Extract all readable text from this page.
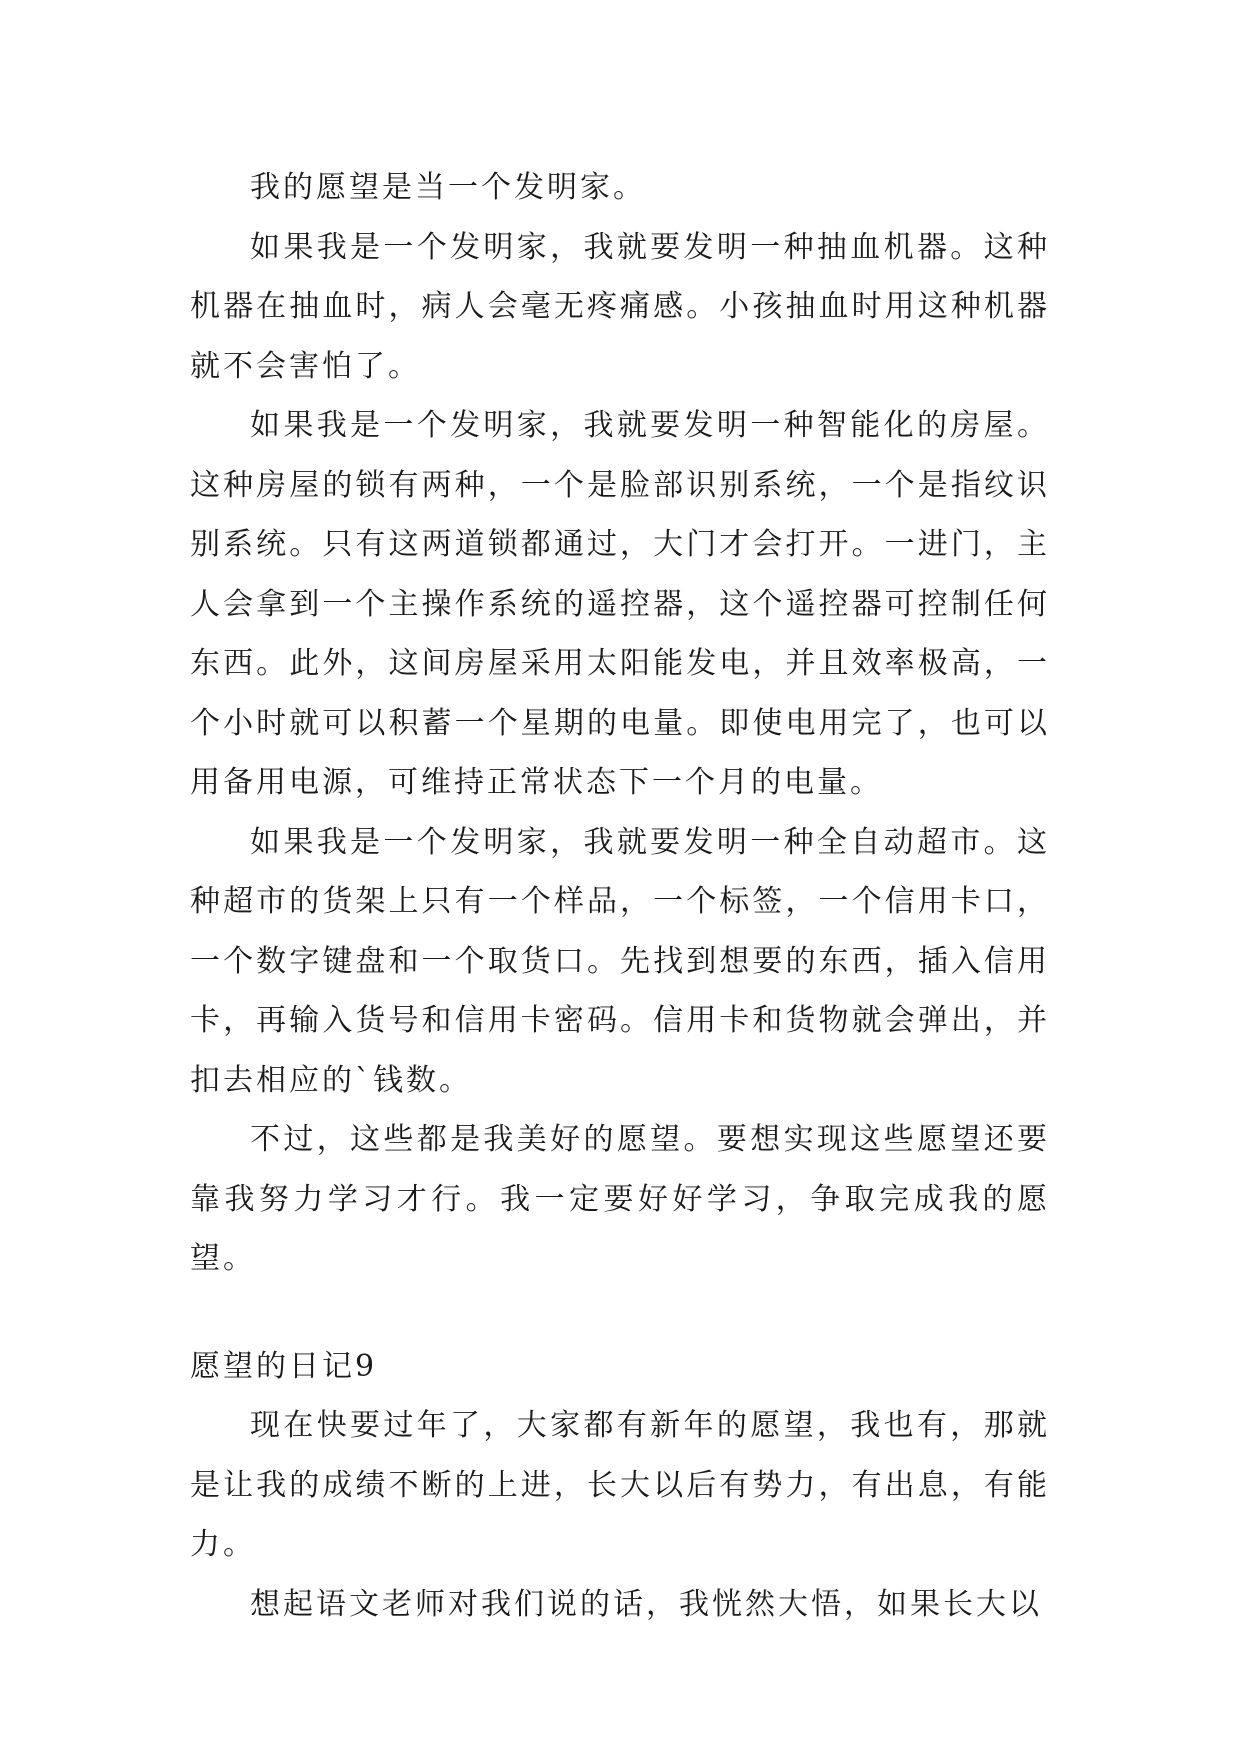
我的愿望是当一个发明家。

如果我是一个发明家，我就要发明一种抽血机器。这种机器在抽血时，病人会毫无疼痛感。小孩抽血时用这种机器就不会害怕了。

如果我是一个发明家，我就要发明一种智能化的房屋。这种房屋的锁有两种，一个是脸部识别系统，一个是指纹识别系统。只有这两道锁都通过，大门才会打开。一进门，主人会拿到一个主操作系统的遥控器，这个遥控器可控制任何东西。此外，这间房屋采用太阳能发电，并且效率极高，一个小时就可以积蓄一个星期的电量。即使电用完了，也可以用备用电源，可维持正常状态下一个月的电量。

如果我是一个发明家，我就要发明一种全自动超市。这种超市的货架上只有一个样品，一个标签，一个信用卡口，一个数字键盘和一个取货口。先找到想要的东西，插入信用卡，再输入货号和信用卡密码。信用卡和货物就会弹出，并扣去相应的`钱数。

不过，这些都是我美好的愿望。要想实现这些愿望还要靠我努力学习才行。我一定要好好学习，争取完成我的愿望。

愿望的日记9

现在快要过年了，大家都有新年的愿望，我也有，那就是让我的成绩不断的上进，长大以后有势力，有出息，有能力。

想起语文老师对我们说的话，我恍然大悟，如果长大以
